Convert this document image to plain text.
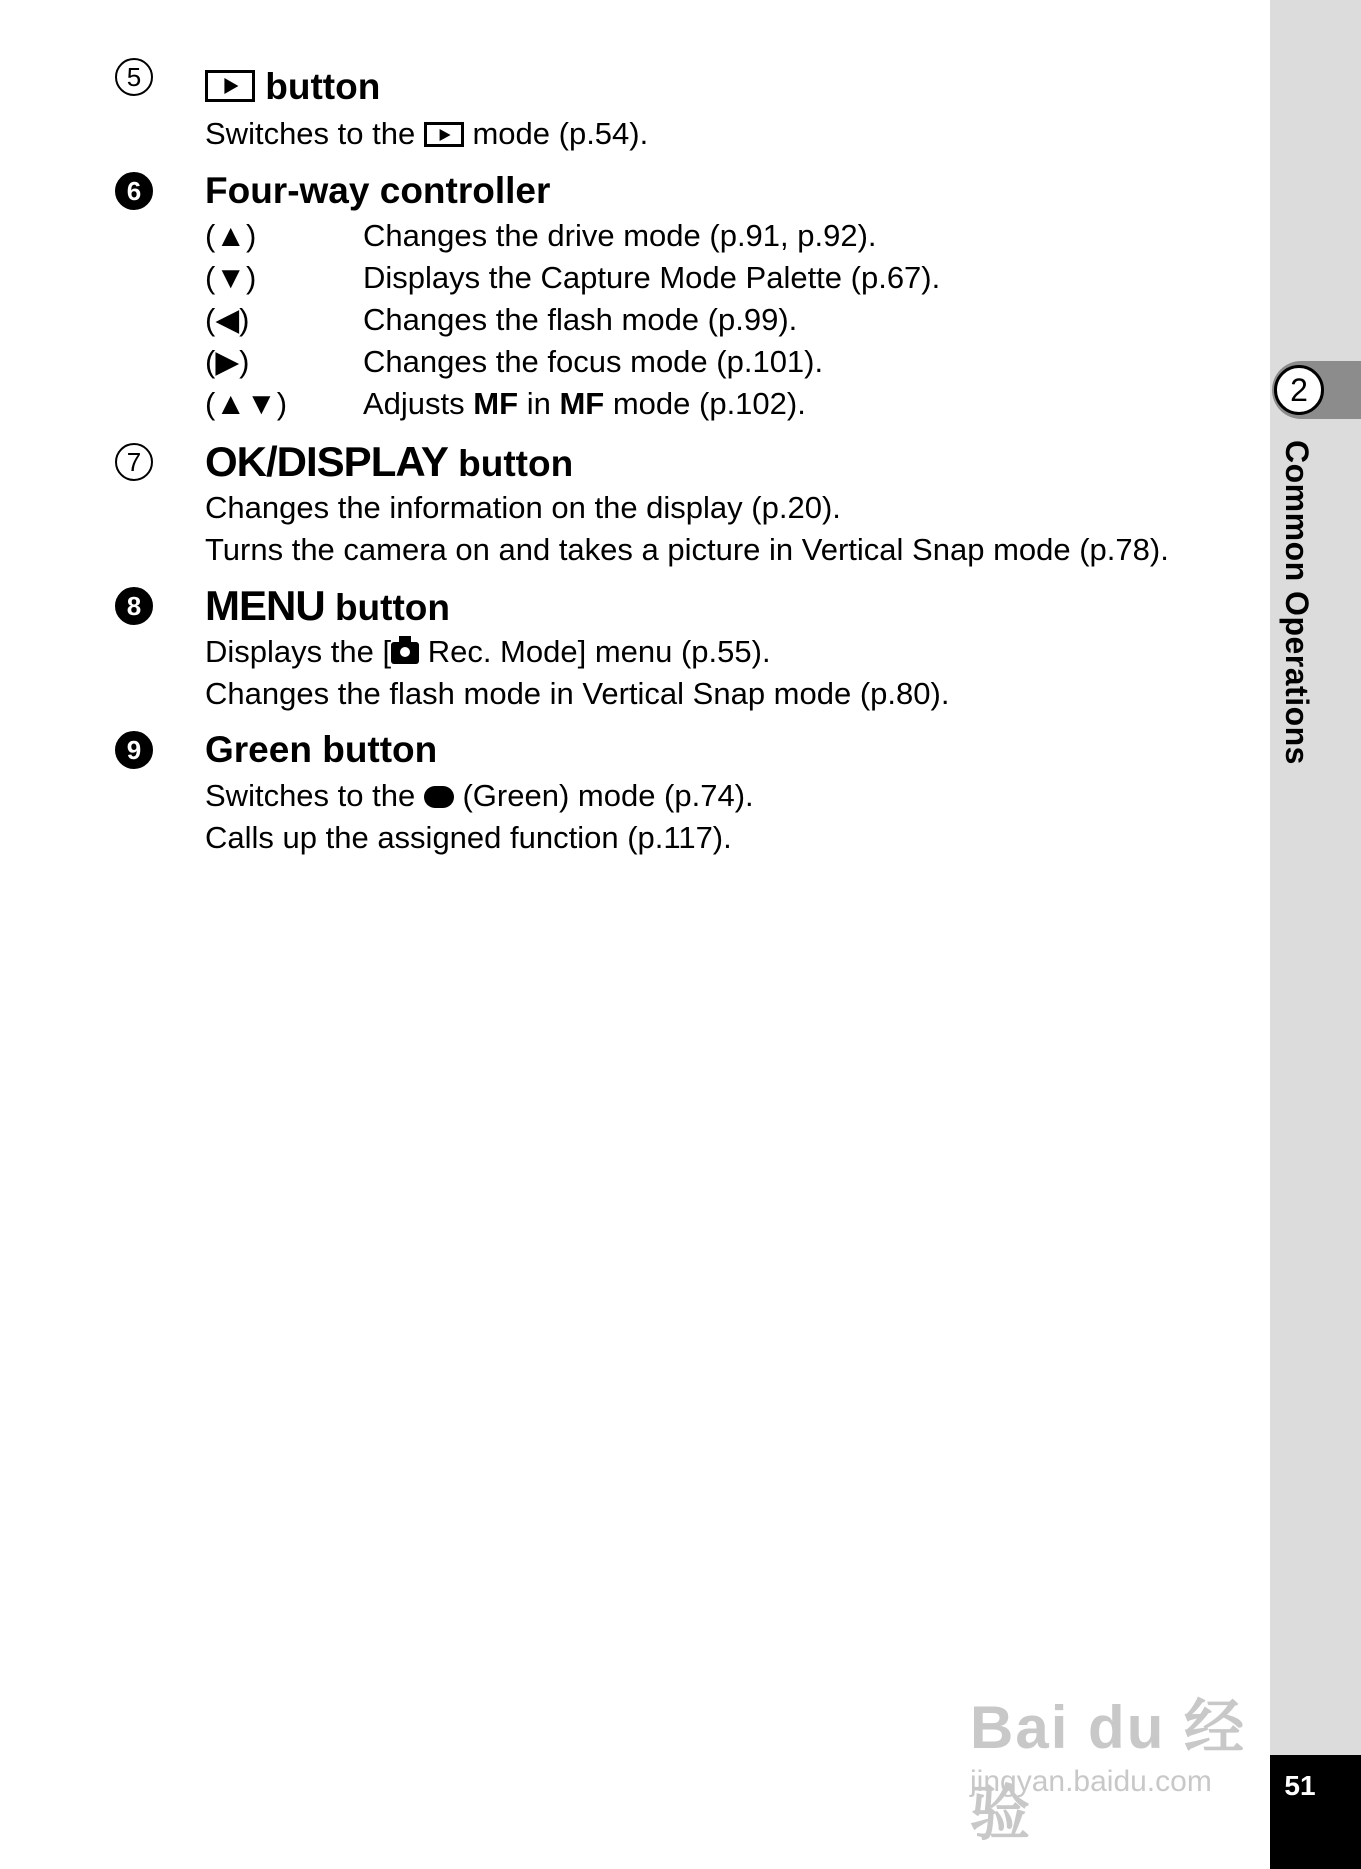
5	button
Switches to the mode (p.54).
6	Four-way controller
(▲)	Changes the drive mode (p.91, p.92).
(▼)	Displays the Capture Mode Palette (p.67).
(◀)	Changes the flash mode (p.99).
(▶)	Changes the focus mode (p.101).
(▲▼) Adjusts MF in MF mode (p.102).
7 OK/DISPLAY button
Changes the information on the display (p.20).
Turns the camera on and takes a picture in Vertical Snap mode (p.78).
8 MENU button
Displays the [ Rec. Mode] menu (p.55).
Changes the flash mode in Vertical Snap mode (p.80).
9	Green button
Switches to the (Green) mode (p.74).
Calls up the assigned function (p.117).
2
Common Operations
Bai du 经验
jingyan.baidu.com	51
